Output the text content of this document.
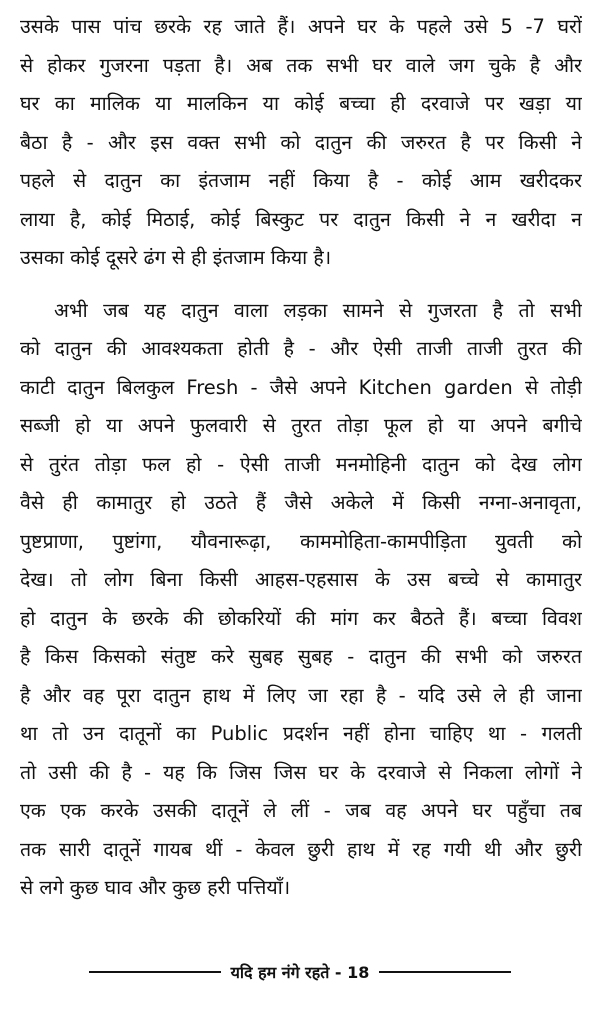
उसके पास पांच छरके रह जाते हैं। अपने घर के पहले उसे 5 -7 घरों
से होकर गुजरना पड़ता है। अब तक सभी घर वाले जग चुके है और
घर का मालिक या मालकिन या कोई बच्चा ही दरवाजे पर खड़ा या
बैठा है - और इस वक्त सभी को दातुन की जरुरत है पर किसी ने
पहले से दातुन का इंतजाम नहीं किया है - कोई आम खरीदकर
लाया है, कोई मिठाई, कोई बिस्कुट पर दातुन किसी ने न खरीदा न
उसका कोई दूसरे ढंग से ही इंतजाम किया है।
अभी जब यह दातुन वाला लड़का सामने से गुजरता है तो सभी
को दातुन की आवश्यकता होती है - और ऐसी ताजी ताजी तुरत की
काटी दातुन बिलकुल Fresh - जैसे अपने Kitchen garden से तोड़ी
सब्जी हो या अपने फुलवारी से तुरत तोड़ा फूल हो या अपने बगीचे
से तुरंत तोड़ा फल हो - ऐसी ताजी मनमोहिनी दातुन को देख लोग
वैसे ही कामातुर हो उठते हैं जैसे अकेले में किसी नग्ना-अनावृता,
पुष्टप्राणा, पुष्टांगा, यौवनारूढ़ा, काममोहिता-कामपीड़िता युवती को
देख। तो लोग बिना किसी आहस-एहसास के उस बच्चे से कामातुर
हो दातुन के छरके की छोकरियों की मांग कर बैठते हैं। बच्चा विवश
है किस किसको संतुष्ट करे सुबह सुबह - दातुन की सभी को जरुरत
है और वह पूरा दातुन हाथ में लिए जा रहा है - यदि उसे ले ही जाना
था तो उन दातूनों का Public प्रदर्शन नहीं होना चाहिए था - गलती
तो उसी की है - यह कि जिस जिस घर के दरवाजे से निकला लोगों ने
एक एक करके उसकी दातूनें ले लीं - जब वह अपने घर पहुँचा तब
तक सारी दातूनें गायब थीं - केवल छुरी हाथ में रह गयी थी और छुरी
से लगे कुछ घाव और कुछ हरी पत्तियाँ।
यदि हम नंगे रहते - 18
